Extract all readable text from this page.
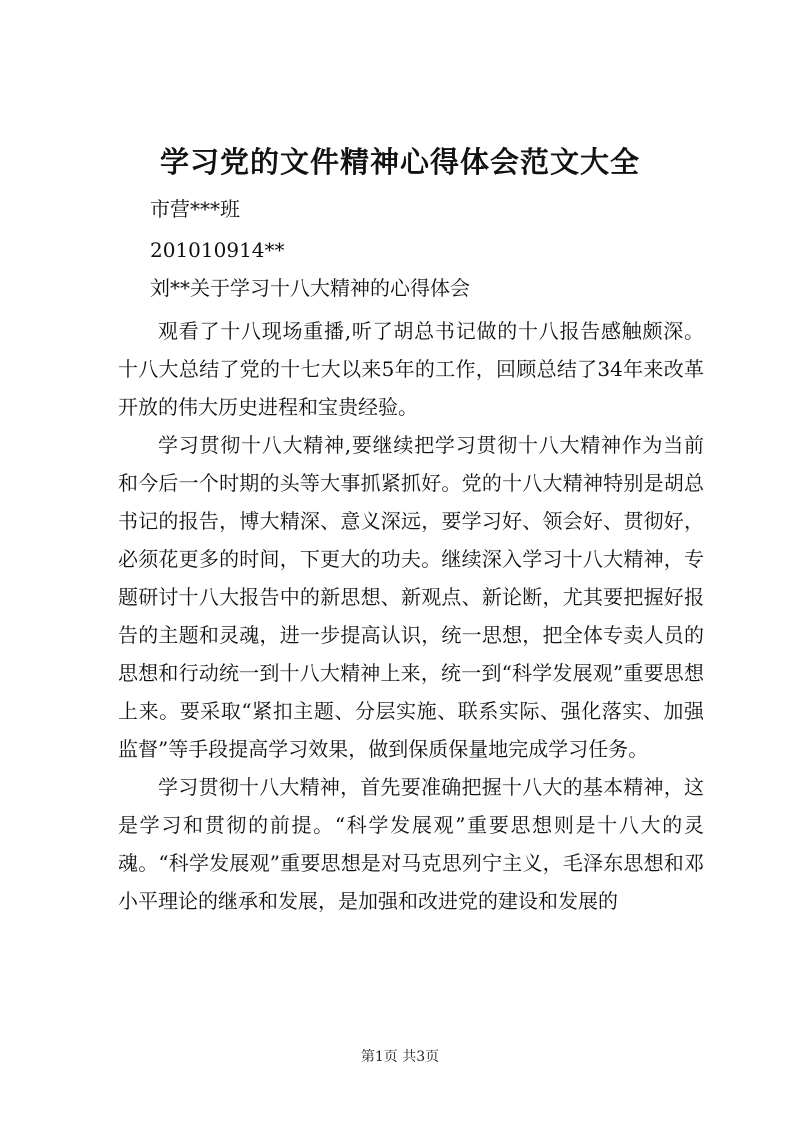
学习党的文件精神心得体会范文大全
市营***班
201010914**
刘**关于学习十八大精神的心得体会

观看了十八现场重播,听了胡总书记做的十八报告感触颇深。十八大总结了党的十七大以来5年的工作，回顾总结了34年来改革开放的伟大历史进程和宝贵经验。

学习贯彻十八大精神,要继续把学习贯彻十八大精神作为当前和今后一个时期的头等大事抓紧抓好。党的十八大精神特别是胡总书记的报告，博大精深、意义深远，要学习好、领会好、贯彻好，必须花更多的时间，下更大的功夫。继续深入学习十八大精神，专题研讨十八大报告中的新思想、新观点、新论断，尤其要把握好报告的主题和灵魂，进一步提高认识，统一思想，把全体专卖人员的思想和行动统一到十八大精神上来，统一到“科学发展观”重要思想上来。要采取“紧扣主题、分层实施、联系实际、强化落实、加强监督”等手段提高学习效果，做到保质保量地完成学习任务。

学习贯彻十八大精神，首先要准确把握十八大的基本精神，这是学习和贯彻的前提。“科学发展观”重要思想则是十八大的灵魂。“科学发展观”重要思想是对马克思列宁主义，毛泽东思想和邓小平理论的继承和发展，是加强和改进党的建设和发展的

第1页 共3页
